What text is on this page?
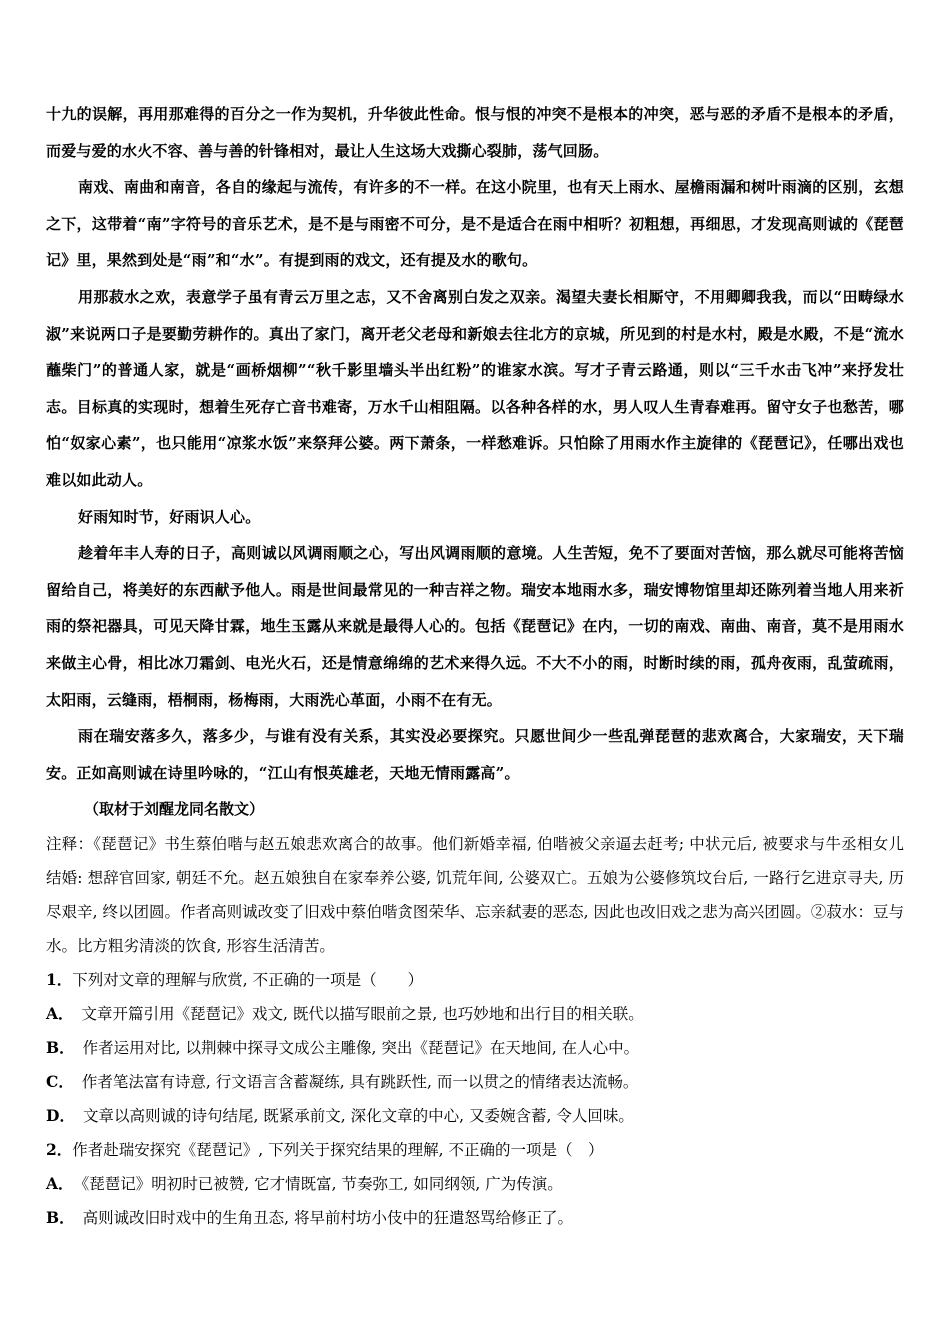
十九的误解，再用那难得的百分之一作为契机，升华彼此性命。恨与恨的冲突不是根本的冲突，恶与恶的矛盾不是根本的矛盾，而爱与爱的水火不容、善与善的针锋相对，最让人生这场大戏撕心裂肺，荡气回肠。

南戏、南曲和南音，各自的缘起与流传，有许多的不一样。在这小院里，也有天上雨水、屋檐雨漏和树叶雨滴的区别，玄想之下，这带着“南”字符号的音乐艺术，是不是与雨密不可分，是不是适合在雨中相听？初粗想，再细思，才发现高则诚的《琵琶记》里，果然到处是“雨”和“水”。有提到雨的戏文，还有提及水的歌句。

用那菽水之欢，表意学子虽有青云万里之志，又不舍离别白发之双亲。渴望夫妻长相厮守，不用卿卿我我，而以“田畴绿水淑”来说两口子是要勤劳耕作的。真出了家门，离开老父老母和新娘去往北方的京城，所见到的村是水村，殿是水殿，不是“流水蘸柴门”的普通人家，就是“画桥烟柳”“秋千影里墙头半出红粉”的谁家水滨。写才子青云路通，则以“三千水击飞冲”来抒发壮志。目标真的实现时，想着生死存亡音书难寄，万水千山相阻隔。以各种各样的水，男人叹人生青春难再。留守女子也愁苦，哪怕“奴家心素”，也只能用“凉浆水饭”来祭拜公婆。两下萧条，一样愁难诉。只怕除了用雨水作主旋律的《琵琶记》，任哪出戏也难以如此动人。

好雨知时节，好雨识人心。

趁着年丰人寿的日子，高则诚以风调雨顺之心，写出风调雨顺的意境。人生苦短，免不了要面对苦恼，那么就尽可能将苦恼留给自己，将美好的东西献予他人。雨是世间最常见的一种吉祥之物。瑞安本地雨水多，瑞安博物馆里却还陈列着当地人用来祈雨的祭祀器具，可见天降甘霖，地生玉露从来就是最得人心的。包括《琵琶记》在内，一切的南戏、南曲、南音，莫不是用雨水来做主心骨，相比冰刀霜剑、电光火石，还是情意绵绵的艺术来得久远。不大不小的雨，时断时续的雨，孤舟夜雨，乱萤疏雨，太阳雨，云缝雨，梧桐雨，杨梅雨，大雨洗心革面，小雨不在有无。

雨在瑞安落多久，落多少，与谁有没有关系，其实没必要探究。只愿世间少一些乱弹琵琶的悲欢离合，大家瑞安，天下瑞安。正如高则诚在诗里吟咏的，“江山有恨英雄老，天地无情雨露高”。

（取材于刘醒龙同名散文）

注释：《琵琶记》书生蔡伯喈与赵五娘悲欢离合的故事。他们新婚幸福, 伯喈被父亲逼去赶考; 中状元后, 被要求与牛丞相女儿结婚: 想辞官回家, 朝廷不允。赵五娘独自在家奉养公婆, 饥荒年间, 公婆双亡。五娘为公婆修筑坟台后, 一路行乞进京寻夫, 历尽艰辛, 终以团圆。作者高则诚改变了旧戏中蔡伯喈贪图荣华、忘亲弑妻的恶态, 因此也改旧戏之悲为高兴团圆。②菽水：豆与水。比方粗劣清淡的饮食, 形容生活清苦。

1．下列对文章的理解与欣赏, 不正确的一项是（　　）

A． 文章开篇引用《琵琶记》戏文, 既代以描写眼前之景, 也巧妙地和出行目的相关联。

B． 作者运用对比, 以荆棘中探寻文成公主雕像, 突出《琵琶记》在天地间, 在人心中。

C． 作者笔法富有诗意, 行文语言含蓄凝练, 具有跳跃性, 而一以贯之的情绪表达流畅。

D． 文章以高则诚的诗句结尾, 既紧承前文, 深化文章的中心, 又委婉含蓄, 令人回味。

2．作者赴瑞安探究《琵琶记》, 下列关于探究结果的理解, 不正确的一项是（　）

A． 《琵琶记》明初时已被赞, 它才情既富, 节奏弥工, 如同纲领, 广为传演。

B． 高则诚改旧时戏中的生角丑态, 将早前村坊小伎中的狂遣怒骂给修正了。
